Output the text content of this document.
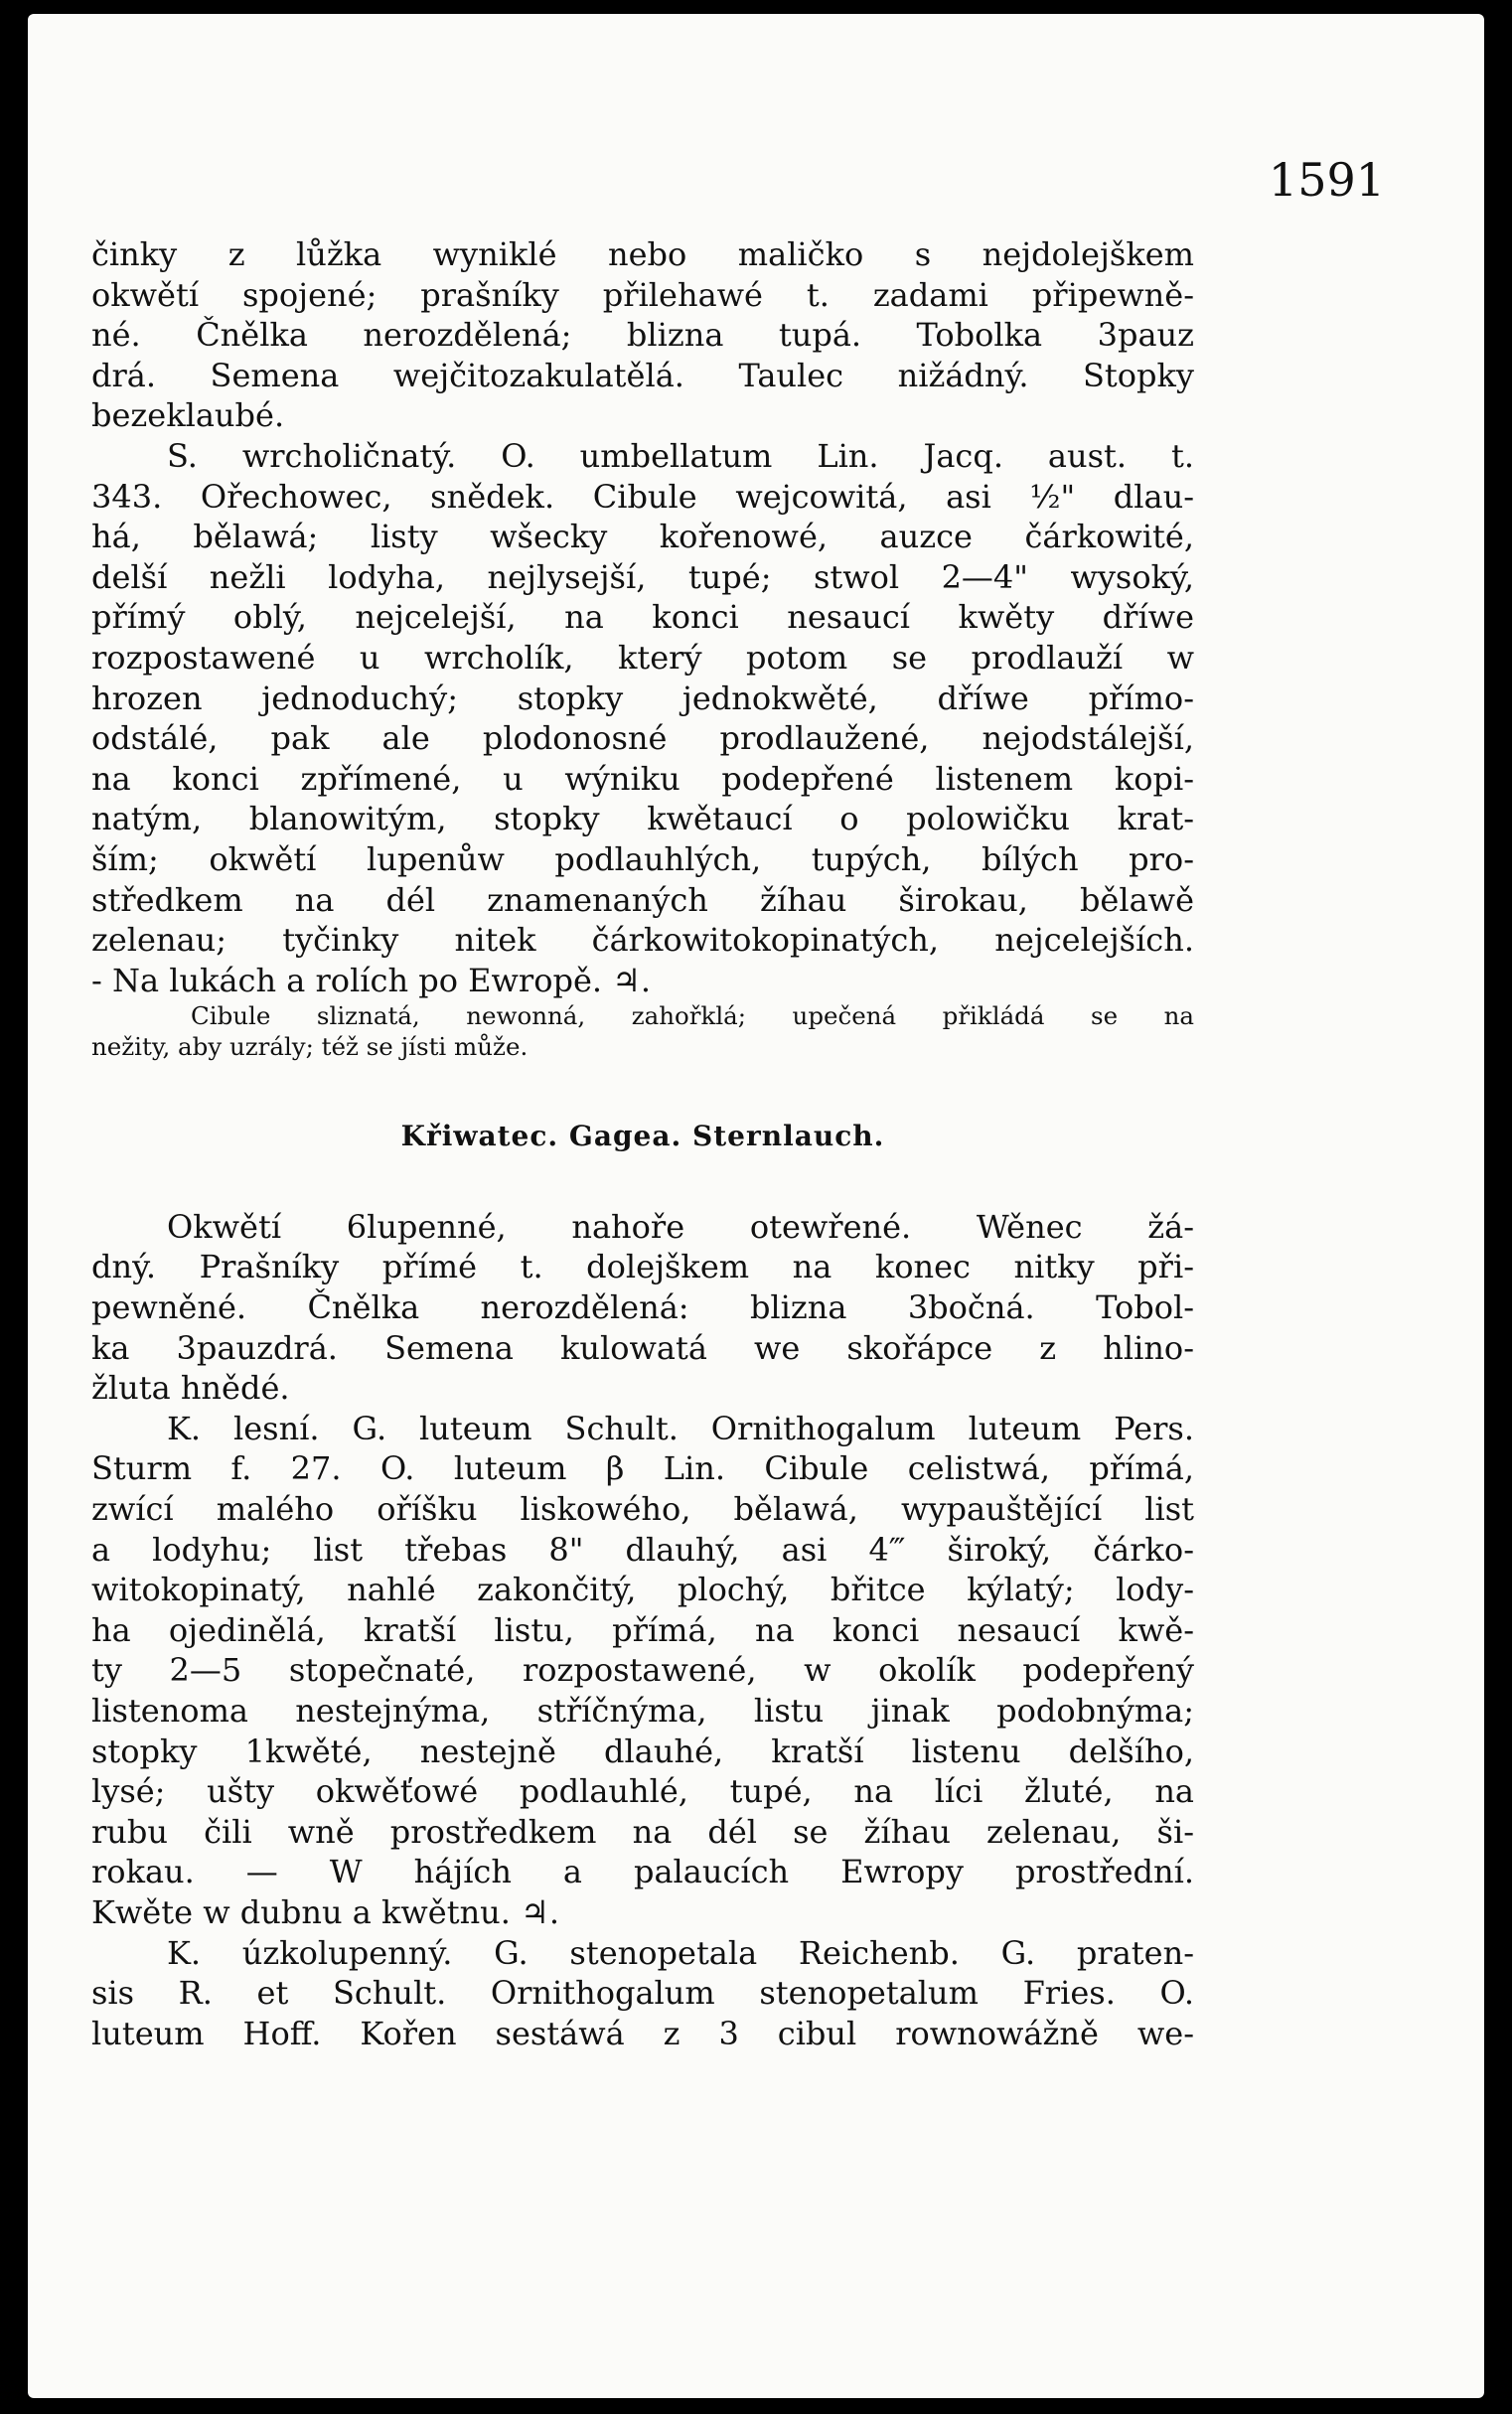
1591
činky z lůžka wyniklé nebo maličko s nejdolejškem
okwětí spojené; prašníky přilehawé t. zadami připewně-
né. Čnělka nerozdělená; blizna tupá. Tobolka 3pauz
drá. Semena wejčitozakulatělá. Taulec nižádný. Stopky
bezeklaubé.
S. wrcholičnatý. O. umbellatum Lin. Jacq. aust. t.
343. Ořechowec, snědek. Cibule wejcowitá, asi ½" dlau-
há, bělawá; listy wšecky kořenowé, auzce čárkowité,
delší nežli lodyha, nejlysejší, tupé; stwol 2—4" wysoký,
přímý oblý, nejcelejší, na konci nesaucí kwěty dříwe
rozpostawené u wrcholík, který potom se prodlauží w
hrozen jednoduchý; stopky jednokwěté, dříwe přímo-
odstálé, pak ale plodonosné prodlaužené, nejodstálejší,
na konci zpřímené, u wýniku podepřené listenem kopi-
natým, blanowitým, stopky kwětaucí o polowičku krat-
ším; okwětí lupenůw podlauhlých, tupých, bílých pro-
středkem na dél znamenaných žíhau širokau, bělawě
zelenau; tyčinky nitek čárkowitokopinatých, nejcelejších.
- Na lukách a rolích po Ewropě. ♃.
Cibule sliznatá, newonná, zahořklá; upečená přikládá se na
nežity, aby uzrály; též se jísti může.
Křiwatec. Gagea. Sternlauch.
Okwětí 6lupenné, nahoře otewřené. Wěnec žá-
dný. Prašníky přímé t. dolejškem na konec nitky při-
pewněné. Čnělka nerozdělená: blizna 3bočná. Tobol-
ka 3pauzdrá. Semena kulowatá we skořápce z hlino-
žluta hnědé.
K. lesní. G. luteum Schult. Ornithogalum luteum Pers.
Sturm f. 27. O. luteum β Lin. Cibule celistwá, přímá,
zwící malého oříšku liskowého, bělawá, wypauštějící list
a lodyhu; list třebas 8" dlauhý, asi 4‴ široký, čárko-
witokopinatý, nahlé zakončitý, plochý, břitce kýlatý; lody-
ha ojedinělá, kratší listu, přímá, na konci nesaucí kwě-
ty 2—5 stopečnaté, rozpostawené, w okolík podepřený
listenoma nestejnýma, stříčnýma, listu jinak podobnýma;
stopky 1kwěté, nestejně dlauhé, kratší listenu delšího,
lysé; ušty okwěťowé podlauhlé, tupé, na líci žluté, na
rubu čili wně prostředkem na dél se žíhau zelenau, ši-
rokau. — W hájích a palaucích Ewropy prostřední.
Kwěte w dubnu a kwětnu. ♃.
K. úzkolupenný. G. stenopetala Reichenb. G. praten-
sis R. et Schult. Ornithogalum stenopetalum Fries. O.
luteum Hoff. Kořen sestáwá z 3 cibul rownowážně we-
